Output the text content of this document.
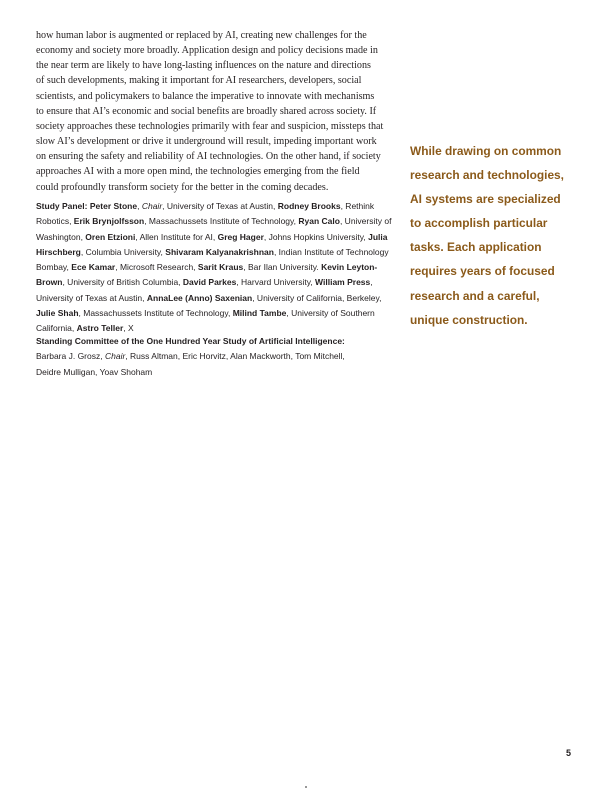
how human labor is augmented or replaced by AI, creating new challenges for the
economy and society more broadly. Application design and policy decisions made in
the near term are likely to have long-lasting influences on the nature and directions
of such developments, making it important for AI researchers, developers, social
scientists, and policymakers to balance the imperative to innovate with mechanisms
to ensure that AI’s economic and social benefits are broadly shared across society. If
society approaches these technologies primarily with fear and suspicion, missteps that
slow AI’s development or drive it underground will result, impeding important work
on ensuring the safety and reliability of AI technologies. On the other hand, if society
approaches AI with a more open mind, the technologies emerging from the field
could profoundly transform society for the better in the coming decades.

Study Panel: Peter Stone, Chair, University of Texas at Austin, Rodney Brooks, Rethink Robotics, Erik Brynjolfsson, Massachussets Institute of Technology, Ryan Calo, University of Washington, Oren Etzioni, Allen Institute for AI, Greg Hager, Johns Hopkins University, Julia Hirschberg, Columbia University, Shivaram Kalyanakrishnan, Indian Institute of Technology Bombay, Ece Kamar, Microsoft Research, Sarit Kraus, Bar Ilan University. Kevin Leyton-Brown, University of British Columbia, David Parkes, Harvard University, William Press, University of Texas at Austin, AnnaLee (Anno) Saxenian, University of California, Berkeley, Julie Shah, Massachussets Institute of Technology, Milind Tambe, University of Southern California, Astro Teller, X

Standing Committee of the One Hundred Year Study of Artificial Intelligence:
Barbara J. Grosz, Chair, Russ Altman, Eric Horvitz, Alan Mackworth, Tom Mitchell,
Deidre Mulligan, Yoav Shoham

While drawing on common
research and technologies,
AI systems are specialized
to accomplish particular
tasks. Each application
requires years of focused
research and a careful,
unique construction.
5
